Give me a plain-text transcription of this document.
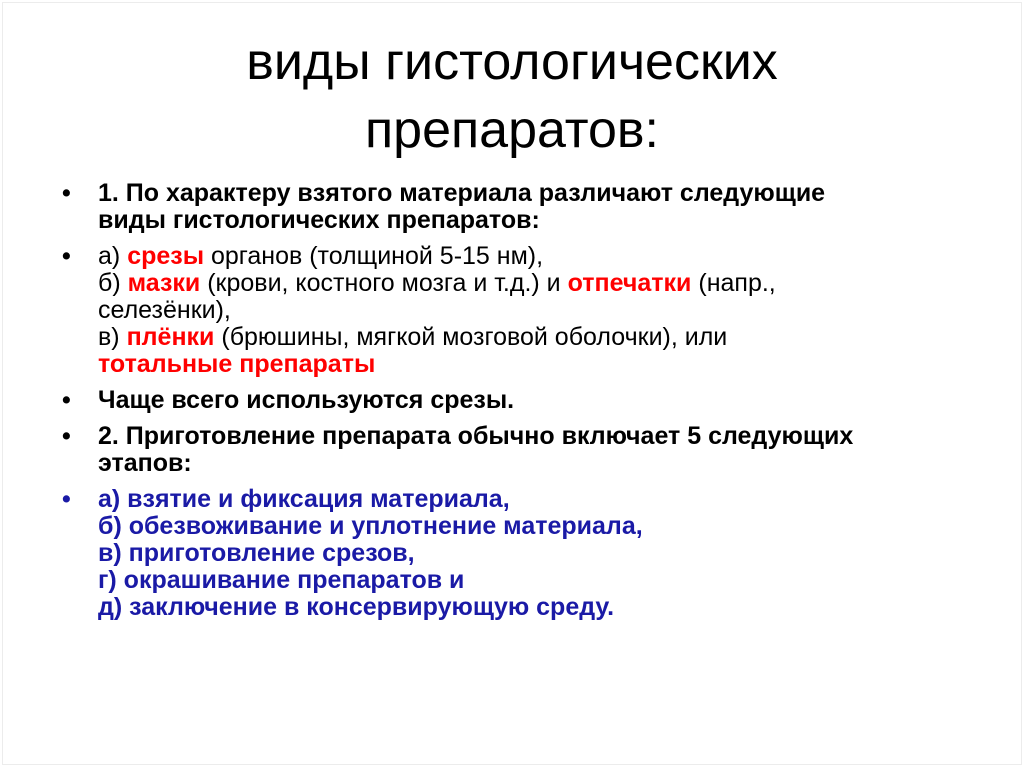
виды гистологических
препаратов:
• 1. По характеру взятого материала различают следующие
виды гистологических препаратов:
• а) срезы органов (толщиной 5-15 нм),
б) мазки (крови, костного мозга и т.д.) и отпечатки (напр.,
селезёнки),
в) плёнки (брюшины, мягкой мозговой оболочки), или
тотальные препараты
• Чаще всего используются срезы.
• 2. Приготовление препарата обычно включает 5 следующих
этапов:
• а) взятие и фиксация материала,
б) обезвоживание и уплотнение материала,
в) приготовление срезов,
г) окрашивание препаратов и
д) заключение в консервирующую среду.
